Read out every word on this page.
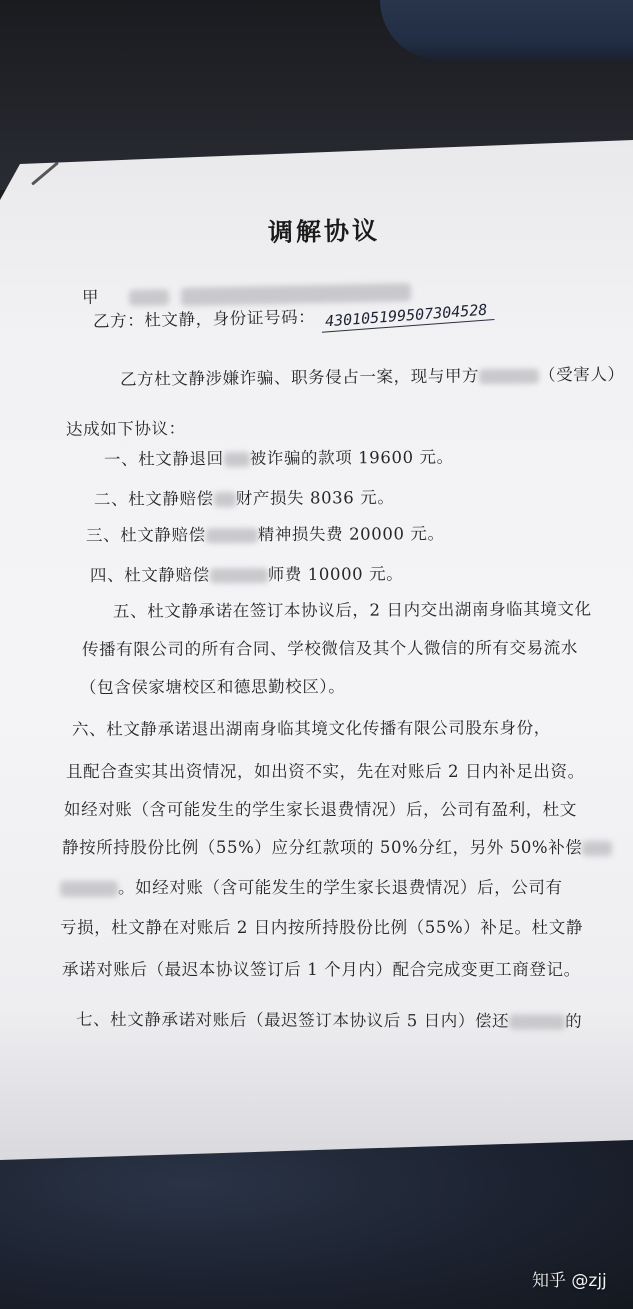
调解协议
甲
乙方：杜文静，身份证号码： 430105199507304528
乙方杜文静涉嫌诈骗、职务侵占一案，现与甲方	（受害人）
达成如下协议：
一、杜文静退回 被诈骗的款项 19600 元。
二、杜文静赔偿 财产损失 8036 元。
三、杜文静赔偿	精神损失费 20000 元。
四、杜文静赔偿	师费 10000 元。
五、杜文静承诺在签订本协议后，2 日内交出湖南身临其境文化
传播有限公司的所有合同、学校微信及其个人微信的所有交易流水
（包含侯家塘校区和德思勤校区）。
六、杜文静承诺退出湖南身临其境文化传播有限公司股东身份，
且配合查实其出资情况，如出资不实，先在对账后 2 日内补足出资。
如经对账（含可能发生的学生家长退费情况）后，公司有盈利，杜文
静按所持股份比例（55%）应分红款项的 50%分红，另外 50%补偿
。如经对账（含可能发生的学生家长退费情况）后，公司有
亏损，杜文静在对账后 2 日内按所持股份比例（55%）补足。杜文静
承诺对账后（最迟本协议签订后 1 个月内）配合完成变更工商登记。
七、杜文静承诺对账后（最迟签订本协议后 5 日内）偿还	的
知乎 @zjj
